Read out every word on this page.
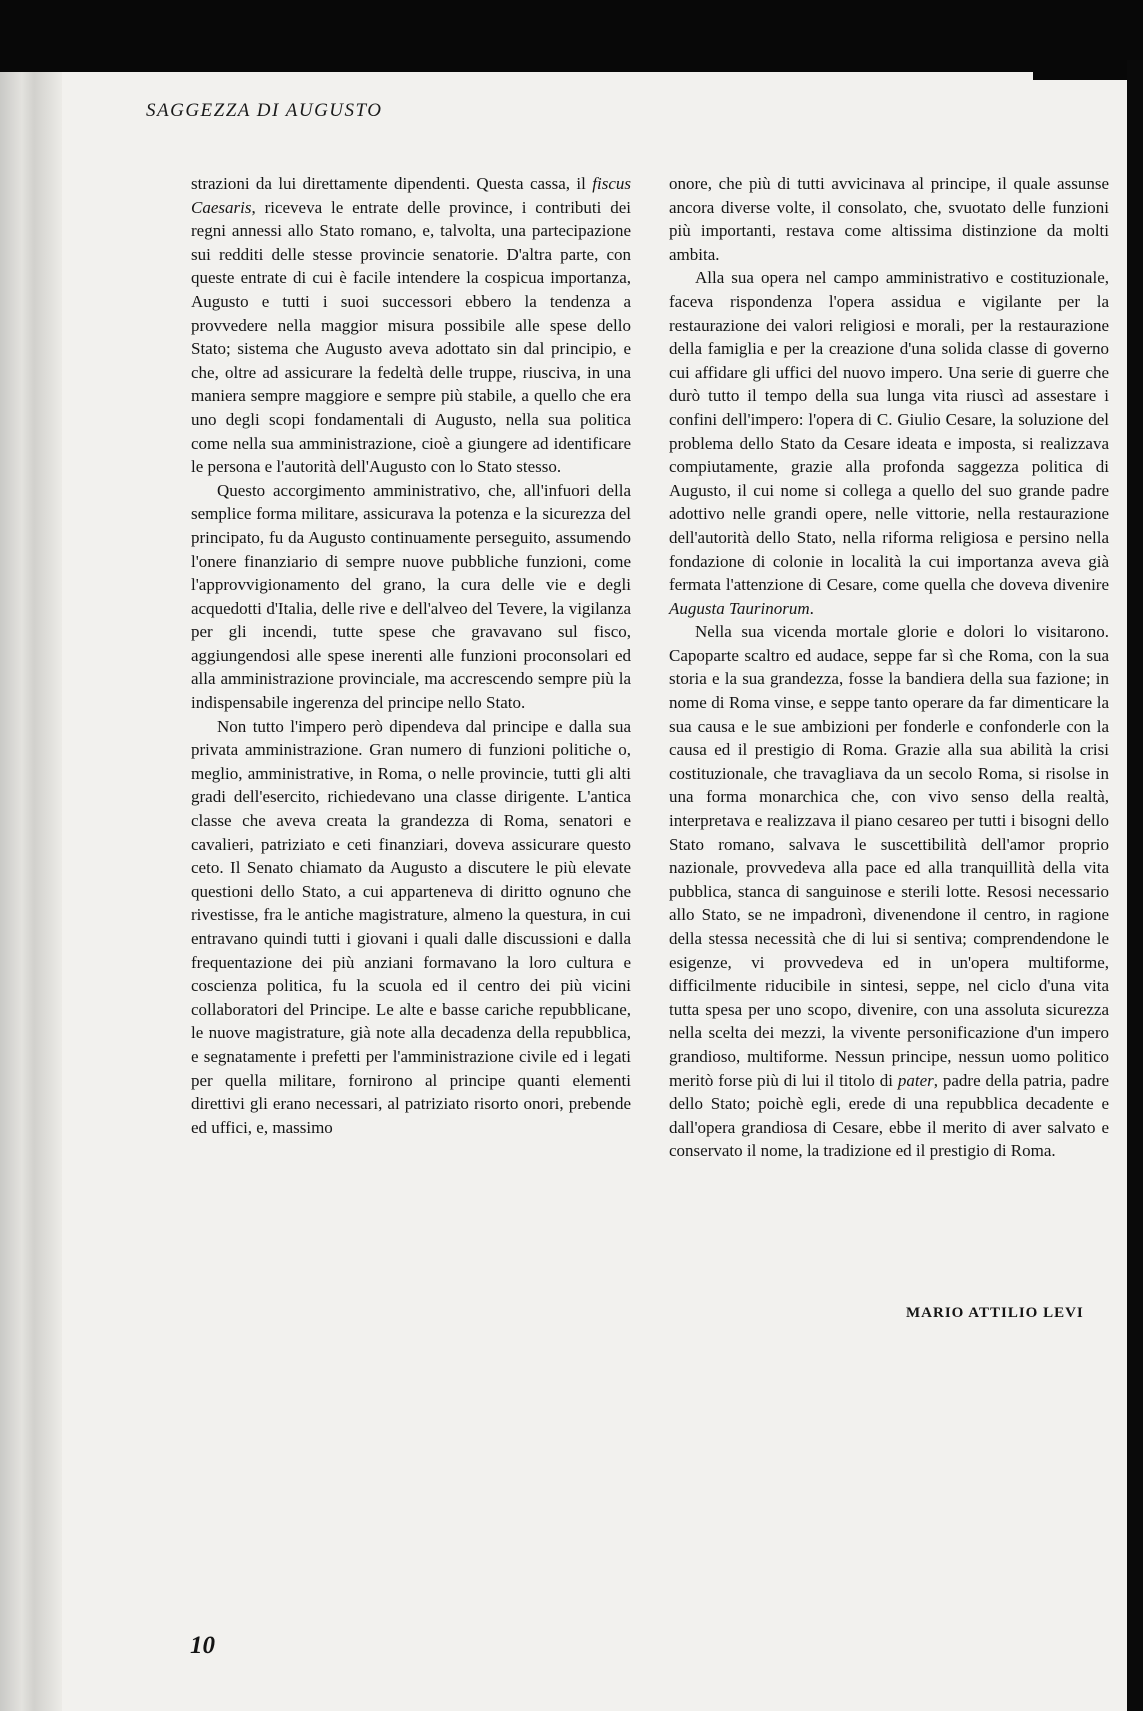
SAGGEZZA DI AUGUSTO

strazioni da lui direttamente dipendenti. Questa cassa, il fiscus Caesaris, riceveva le entrate delle province, i contributi dei regni annessi allo Stato romano, e, talvolta, una partecipazione sui redditi delle stesse provincie senatorie. D'altra parte, con queste entrate di cui è facile intendere la cospicua importanza, Augusto e tutti i suoi successori ebbero la tendenza a provvedere nella maggior misura possibile alle spese dello Stato; sistema che Augusto aveva adottato sin dal principio, e che, oltre ad assicurare la fedeltà delle truppe, riusciva, in una maniera sempre maggiore e sempre più stabile, a quello che era uno degli scopi fondamentali di Augusto, nella sua politica come nella sua amministrazione, cioè a giungere ad identificare le persona e l'autorità dell'Augusto con lo Stato stesso.

Questo accorgimento amministrativo, che, all'infuori della semplice forma militare, assicurava la potenza e la sicurezza del principato, fu da Augusto continuamente perseguito, assumendo l'onere finanziario di sempre nuove pubbliche funzioni, come l'approvvigionamento del grano, la cura delle vie e degli acquedotti d'Italia, delle rive e dell'alveo del Tevere, la vigilanza per gli incendi, tutte spese che gravavano sul fisco, aggiungendosi alle spese inerenti alle funzioni proconsolari ed alla amministrazione provinciale, ma accrescendo sempre più la indispensabile ingerenza del principe nello Stato.

Non tutto l'impero però dipendeva dal principe e dalla sua privata amministrazione. Gran numero di funzioni politiche o, meglio, amministrative, in Roma, o nelle provincie, tutti gli alti gradi dell'esercito, richiedevano una classe dirigente. L'antica classe che aveva creata la grandezza di Roma, senatori e cavalieri, patriziato e ceti finanziari, doveva assicurare questo ceto. Il Senato chiamato da Augusto a discutere le più elevate questioni dello Stato, a cui apparteneva di diritto ognuno che rivestisse, fra le antiche magistrature, almeno la questura, in cui entravano quindi tutti i giovani i quali dalle discussioni e dalla frequentazione dei più anziani formavano la loro cultura e coscienza politica, fu la scuola ed il centro dei più vicini collaboratori del Principe. Le alte e basse cariche repubblicane, le nuove magistrature, già note alla decadenza della repubblica, e segnatamente i prefetti per l'amministrazione civile ed i legati per quella militare, fornirono al principe quanti elementi direttivi gli erano necessari, al patriziato risorto onori, prebende ed uffici, e, massimo

onore, che più di tutti avvicinava al principe, il quale assunse ancora diverse volte, il consolato, che, svuotato delle funzioni più importanti, restava come altissima distinzione da molti ambita.

Alla sua opera nel campo amministrativo e costituzionale, faceva rispondenza l'opera assidua e vigilante per la restaurazione dei valori religiosi e morali, per la restaurazione della famiglia e per la creazione d'una solida classe di governo cui affidare gli uffici del nuovo impero. Una serie di guerre che durò tutto il tempo della sua lunga vita riuscì ad assestare i confini dell'impero: l'opera di C. Giulio Cesare, la soluzione del problema dello Stato da Cesare ideata e imposta, si realizzava compiutamente, grazie alla profonda saggezza politica di Augusto, il cui nome si collega a quello del suo grande padre adottivo nelle grandi opere, nelle vittorie, nella restaurazione dell'autorità dello Stato, nella riforma religiosa e persino nella fondazione di colonie in località la cui importanza aveva già fermata l'attenzione di Cesare, come quella che doveva divenire Augusta Taurinorum.

Nella sua vicenda mortale glorie e dolori lo visitarono. Capoparte scaltro ed audace, seppe far sì che Roma, con la sua storia e la sua grandezza, fosse la bandiera della sua fazione; in nome di Roma vinse, e seppe tanto operare da far dimenticare la sua causa e le sue ambizioni per fonderle e confonderle con la causa ed il prestigio di Roma. Grazie alla sua abilità la crisi costituzionale, che travagliava da un secolo Roma, si risolse in una forma monarchica che, con vivo senso della realtà, interpretava e realizzava il piano cesareo per tutti i bisogni dello Stato romano, salvava le suscettibilità dell'amor proprio nazionale, provvedeva alla pace ed alla tranquillità della vita pubblica, stanca di sanguinose e sterili lotte. Resosi necessario allo Stato, se ne impadronì, divenendone il centro, in ragione della stessa necessità che di lui si sentiva; comprendendone le esigenze, vi provvedeva ed in un'opera multiforme, difficilmente riducibile in sintesi, seppe, nel ciclo d'una vita tutta spesa per uno scopo, divenire, con una assoluta sicurezza nella scelta dei mezzi, la vivente personificazione d'un impero grandioso, multiforme. Nessun principe, nessun uomo politico meritò forse più di lui il titolo di pater, padre della patria, padre dello Stato; poichè egli, erede di una repubblica decadente e dall'opera grandiosa di Cesare, ebbe il merito di aver salvato e conservato il nome, la tradizione ed il prestigio di Roma.

MARIO ATTILIO LEVI
10
